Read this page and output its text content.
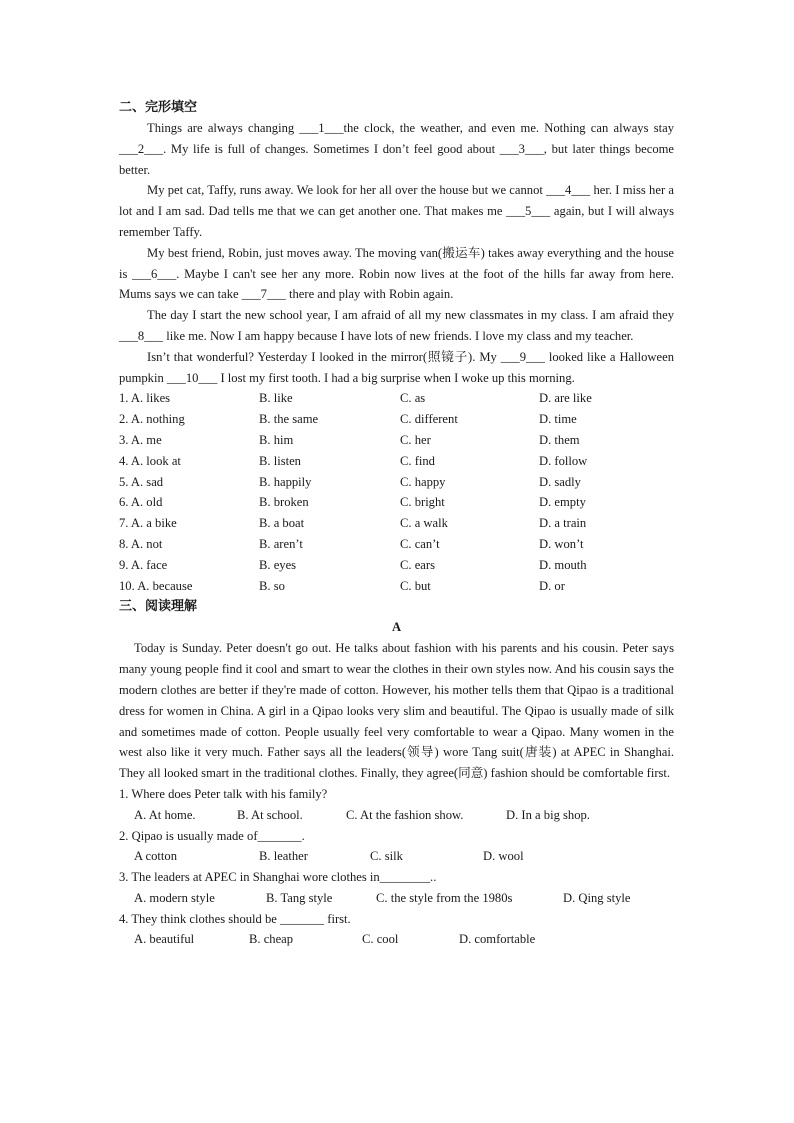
二、完形填空

Things are always changing ___1___the clock, the weather, and even me. Nothing can always stay ___2___. My life is full of changes. Sometimes I don’t feel good about ___3___, but later things become better.

My pet cat, Taffy, runs away. We look for her all over the house but we cannot ___4___ her. I miss her a lot and I am sad. Dad tells me that we can get another one. That makes me ___5___ again, but I will always remember Taffy.

My best friend, Robin, just moves away. The moving van(搬运车) takes away everything and the house is ___6___. Maybe I can't see her any more. Robin now lives at the foot of the hills far away from here. Mums says we can take ___7___ there and play with Robin again.

The day I start the new school year, I am afraid of all my new classmates in my class. I am afraid they ___8___ like me. Now I am happy because I have lots of new friends. I love my class and my teacher.

Isn’t that wonderful? Yesterday I looked in the mirror(照镜子). My ___9___ looked like a Halloween pumpkin ___10___ I lost my first tooth. I had a big surprise when I woke up this morning.

1. A. likes	B. like	C. as	D. are like
2. A. nothing	B. the same	C. different	D. time
3. A. me	B. him	C. her	D. them
4. A. look at	B. listen	C. find	D. follow
5. A. sad	B. happily	C. happy	D. sadly
6. A. old	B. broken	C. bright	D. empty
7. A. a bike	B. a boat	C. a walk	D. a train
8. A. not	B. aren’t	C. can’t	D. won’t
9. A. face	B. eyes	C. ears	D. mouth
10. A. because	B. so	C. but	D. or
三、阅读理解
A

Today is Sunday. Peter doesn't go out. He talks about fashion with his parents and his cousin. Peter says many young people find it cool and smart to wear the clothes in their own styles now. And his cousin says the modern clothes are better if they're made of cotton. However, his mother tells them that Qipao is a traditional dress for women in China. A girl in a Qipao looks very slim and beautiful. The Qipao is usually made of silk and sometimes made of cotton. People usually feel very comfortable to wear a Qipao. Many women in the west also like it very much. Father says all the leaders(领导) wore Tang suit(唐装) at APEC in Shanghai. They all looked smart in the traditional clothes. Finally, they agree(同意) fashion should be comfortable first.

1. Where does Peter talk with his family?
A. At home.	B. At school.	C. At the fashion show.	D. In a big shop.
2. Qipao is usually made of_______.
A cotton	B. leather	C. silk	D. wool
3. The leaders at APEC in Shanghai wore clothes in________..
A. modern style	B. Tang style	C. the style from the 1980s	D. Qing style
4. They think clothes should be _______ first.
A. beautiful	B. cheap	C. cool	D. comfortable
